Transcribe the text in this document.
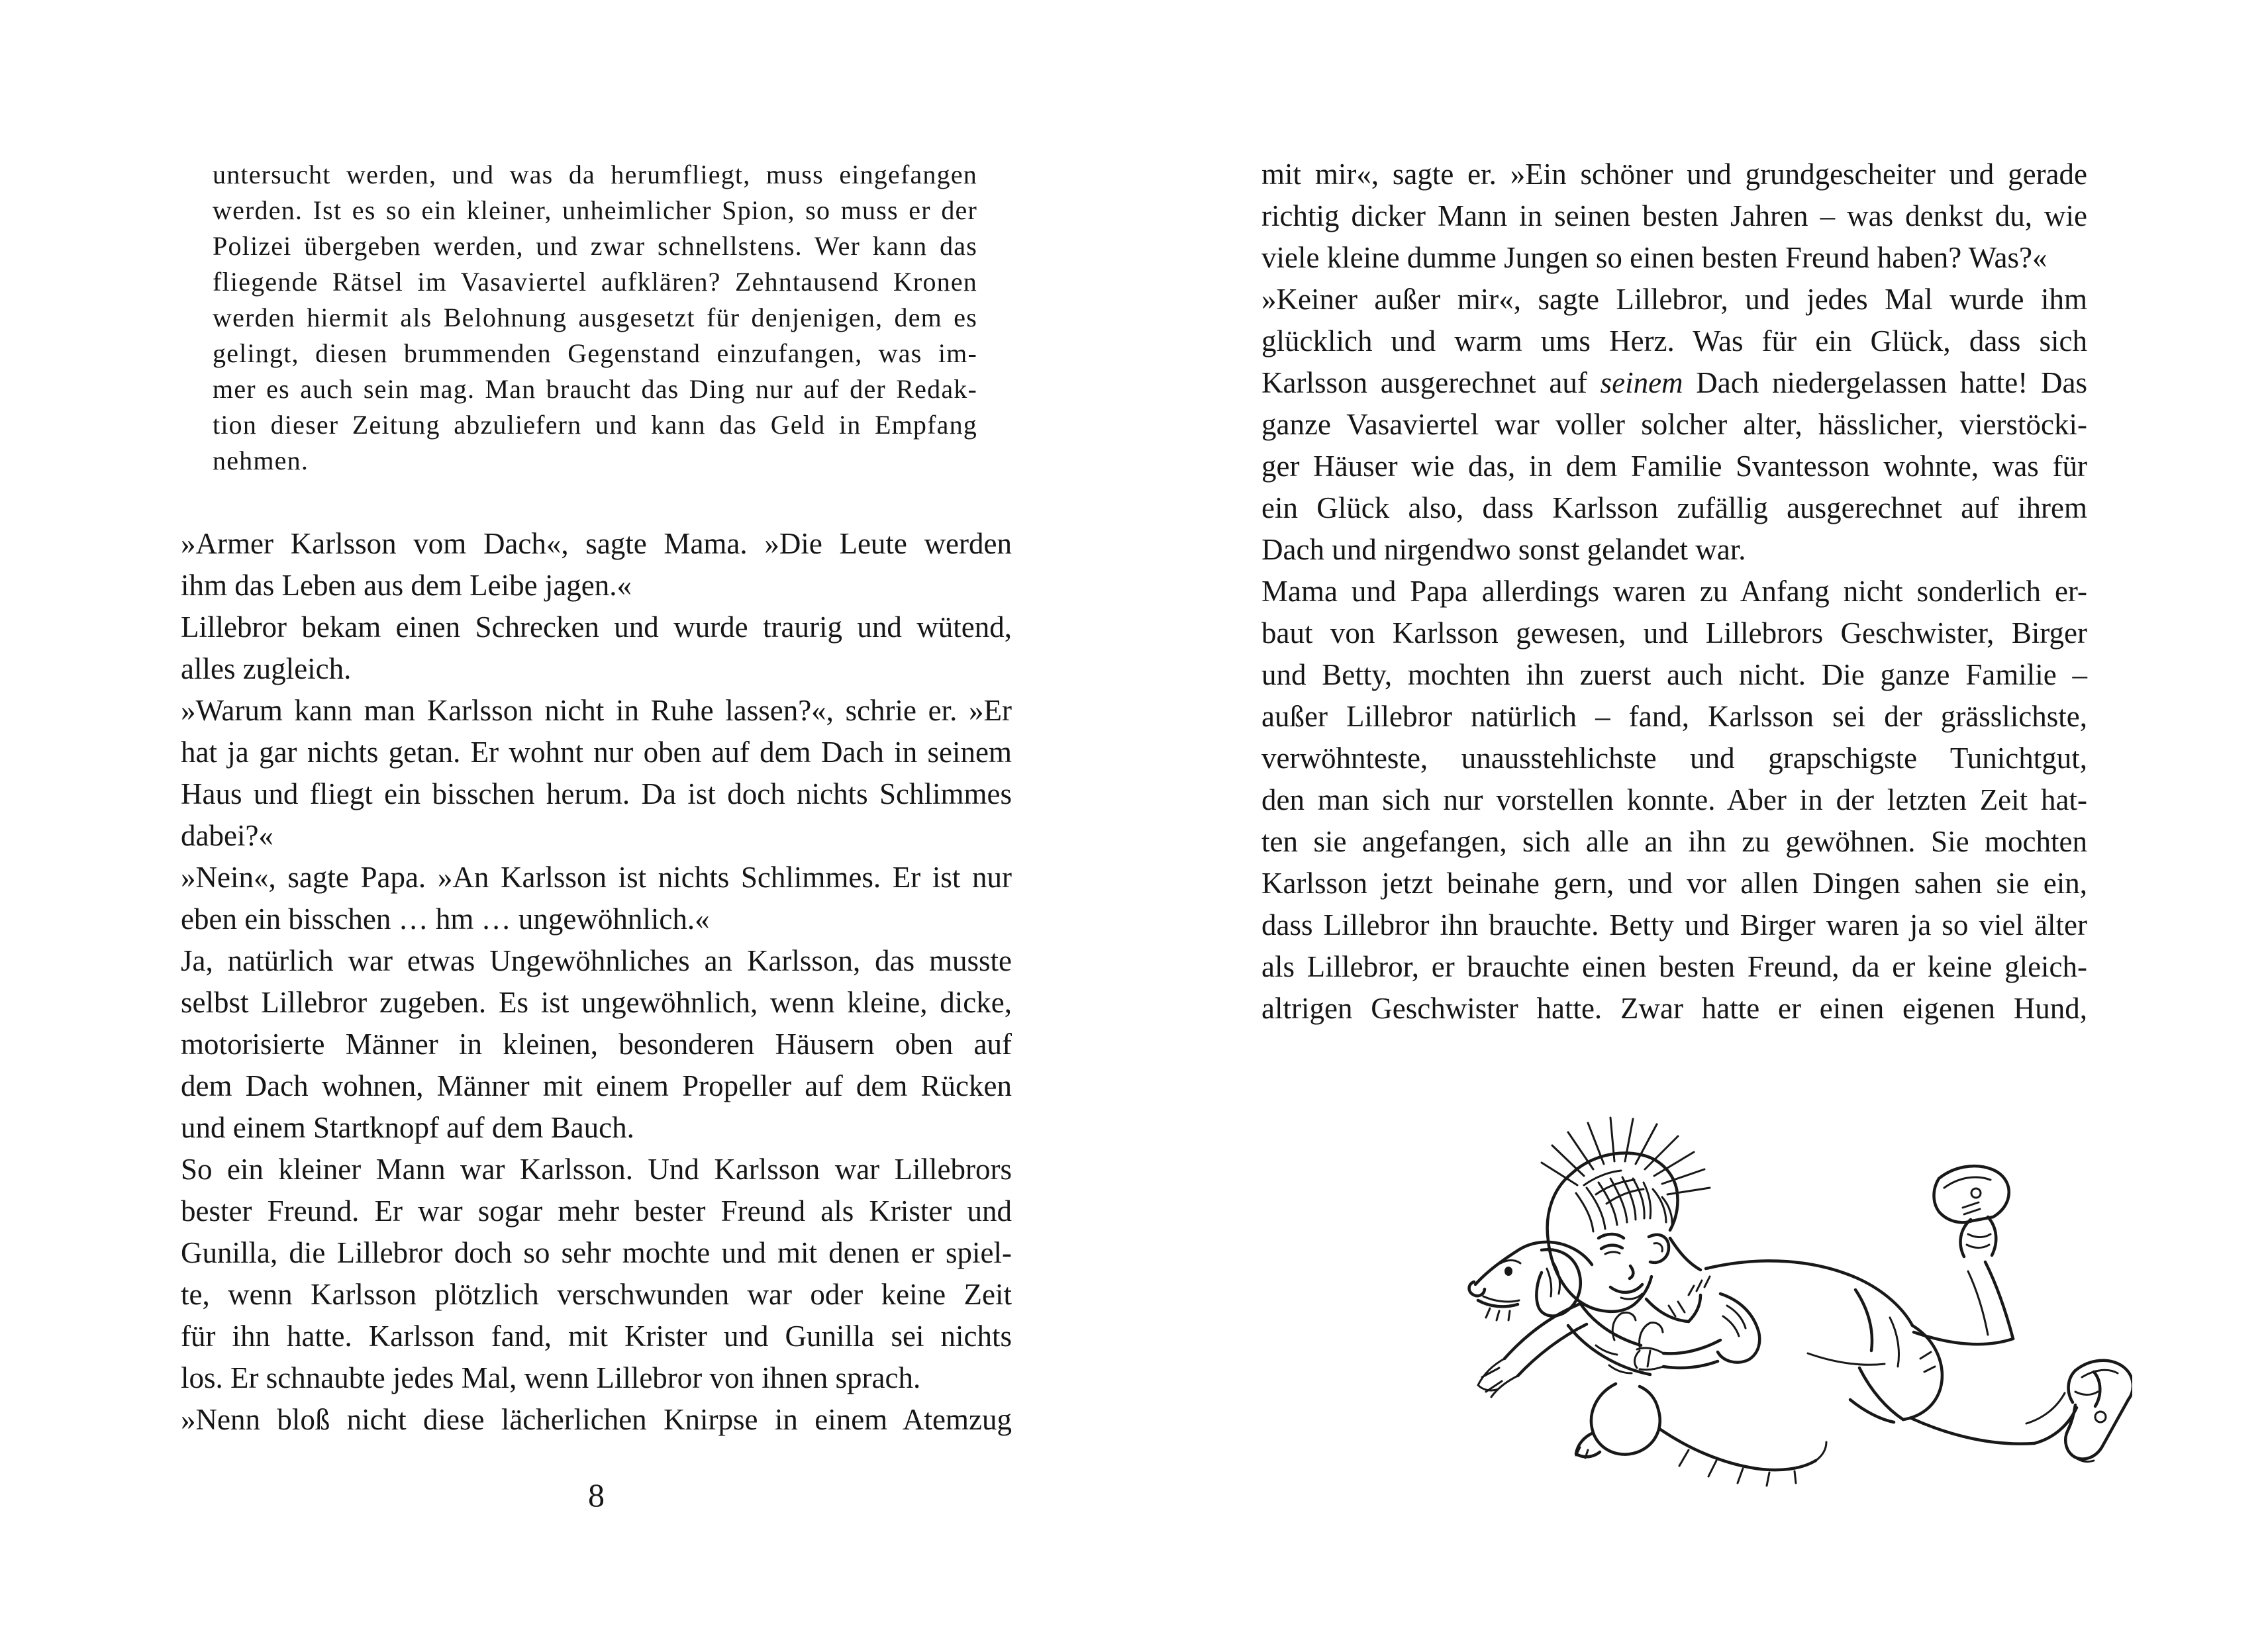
untersucht werden, und was da herumfliegt, muss eingefangen
werden. Ist es so ein kleiner, unheimlicher Spion, so muss er der
Polizei übergeben werden, und zwar schnellstens. Wer kann das
fliegende Rätsel im Vasaviertel aufklären? Zehntausend Kronen
werden hiermit als Belohnung ausgesetzt für denjenigen, dem es
gelingt, diesen brummenden Gegenstand einzufangen, was im-
mer es auch sein mag. Man braucht das Ding nur auf der Redak-
tion dieser Zeitung abzuliefern und kann das Geld in Empfang
nehmen.
»Armer Karlsson vom Dach«, sagte Mama. »Die Leute werden
ihm das Leben aus dem Leibe jagen.«
Lillebror bekam einen Schrecken und wurde traurig und wütend,
alles zugleich.
»Warum kann man Karlsson nicht in Ruhe lassen?«, schrie er. »Er
hat ja gar nichts getan. Er wohnt nur oben auf dem Dach in seinem
Haus und fliegt ein bisschen herum. Da ist doch nichts Schlimmes
dabei?«
»Nein«, sagte Papa. »An Karlsson ist nichts Schlimmes. Er ist nur
eben ein bisschen … hm … ungewöhnlich.«
Ja, natürlich war etwas Ungewöhnliches an Karlsson, das musste
selbst Lillebror zugeben. Es ist ungewöhnlich, wenn kleine, dicke,
motorisierte Männer in kleinen, besonderen Häusern oben auf
dem Dach wohnen, Männer mit einem Propeller auf dem Rücken
und einem Startknopf auf dem Bauch.
So ein kleiner Mann war Karlsson. Und Karlsson war Lillebrors
bester Freund. Er war sogar mehr bester Freund als Krister und
Gunilla, die Lillebror doch so sehr mochte und mit denen er spiel-
te, wenn Karlsson plötzlich verschwunden war oder keine Zeit
für ihn hatte. Karlsson fand, mit Krister und Gunilla sei nichts
los. Er schnaubte jedes Mal, wenn Lillebror von ihnen sprach.
»Nenn bloß nicht diese lächerlichen Knirpse in einem Atemzug
8
mit mir«, sagte er. »Ein schöner und grundgescheiter und gerade
richtig dicker Mann in seinen besten Jahren – was denkst du, wie
viele kleine dumme Jungen so einen besten Freund haben? Was?«
»Keiner außer mir«, sagte Lillebror, und jedes Mal wurde ihm
glücklich und warm ums Herz. Was für ein Glück, dass sich
Karlsson ausgerechnet auf seinem Dach niedergelassen hatte! Das
ganze Vasaviertel war voller solcher alter, hässlicher, vierstöcki-
ger Häuser wie das, in dem Familie Svantesson wohnte, was für
ein Glück also, dass Karlsson zufällig ausgerechnet auf ihrem
Dach und nirgendwo sonst gelandet war.
Mama und Papa allerdings waren zu Anfang nicht sonderlich er-
baut von Karlsson gewesen, und Lillebrors Geschwister, Birger
und Betty, mochten ihn zuerst auch nicht. Die ganze Familie –
außer Lillebror natürlich – fand, Karlsson sei der grässlichste,
verwöhnteste, unausstehlichste und grapschigste Tunichtgut,
den man sich nur vorstellen konnte. Aber in der letzten Zeit hat-
ten sie angefangen, sich alle an ihn zu gewöhnen. Sie mochten
Karlsson jetzt beinahe gern, und vor allen Dingen sahen sie ein,
dass Lillebror ihn brauchte. Betty und Birger waren ja so viel älter
als Lillebror, er brauchte einen besten Freund, da er keine gleich-
altrigen Geschwister hatte. Zwar hatte er einen eigenen Hund,
